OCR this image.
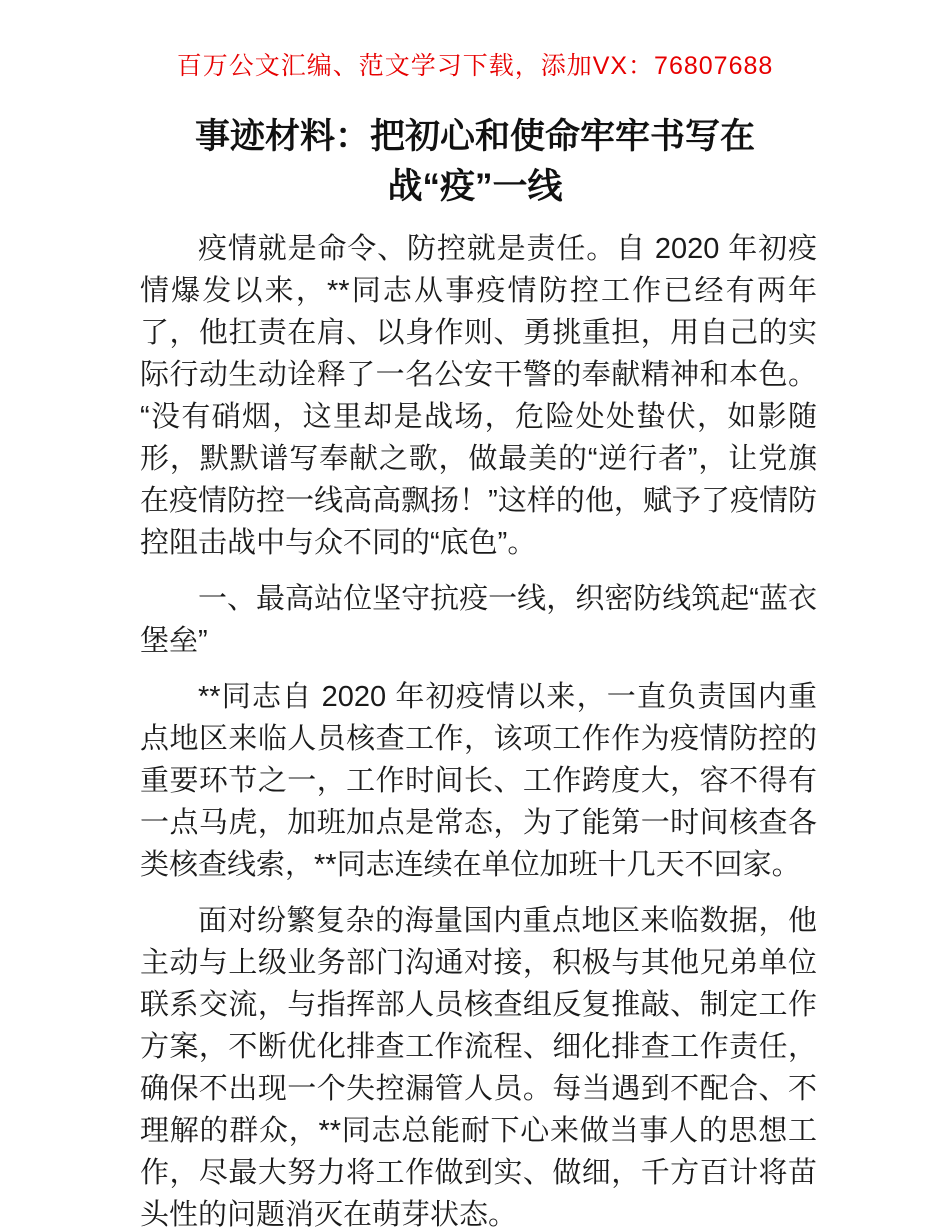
百万公文汇编、范文学习下载，添加VX：76807688
事迹材料：把初心和使命牢牢书写在
战“疫”一线

疫情就是命令、防控就是责任。自 2020 年初疫情爆发以来，**同志从事疫情防控工作已经有两年了，他扛责在肩、以身作则、勇挑重担，用自己的实际行动生动诠释了一名公安干警的奉献精神和本色。“没有硝烟，这里却是战场，危险处处蛰伏，如影随形，默默谱写奉献之歌，做最美的“逆行者”，让党旗在疫情防控一线高高飘扬！”这样的他，赋予了疫情防控阻击战中与众不同的“底色”。

一、最高站位坚守抗疫一线，织密防线筑起“蓝衣堡垒”

**同志自 2020 年初疫情以来，一直负责国内重点地区来临人员核查工作，该项工作作为疫情防控的重要环节之一，工作时间长、工作跨度大，容不得有一点马虎，加班加点是常态，为了能第一时间核查各类核查线索，**同志连续在单位加班十几天不回家。

面对纷繁复杂的海量国内重点地区来临数据，他主动与上级业务部门沟通对接，积极与其他兄弟单位联系交流，与指挥部人员核查组反复推敲、制定工作方案，不断优化排查工作流程、细化排查工作责任，确保不出现一个失控漏管人员。每当遇到不配合、不理解的群众，**同志总能耐下心来做当事人的思想工作，尽最大努力将工作做到实、做细，千方百计将苗头性的问题消灭在萌芽状态。
